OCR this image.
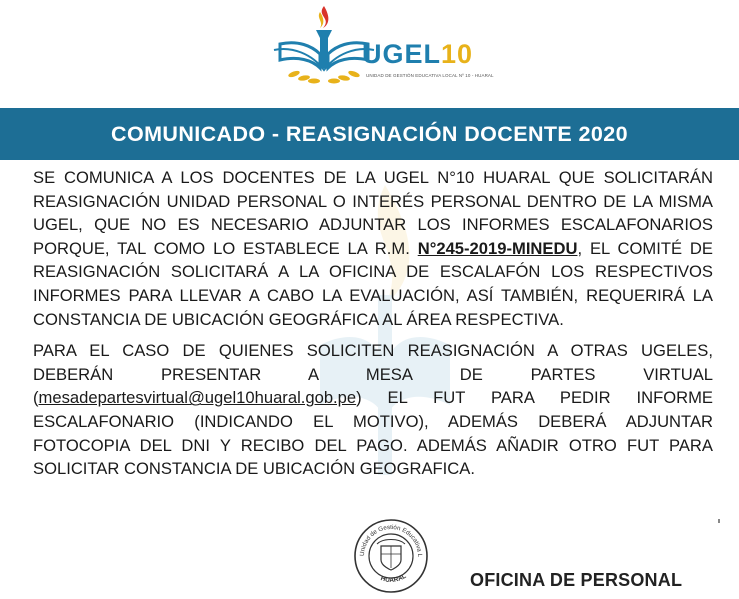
UGEL10
UNIDAD DE GESTIÓN EDUCATIVA LOCAL Nº 10 - HUARAL
COMUNICADO - REASIGNACIÓN DOCENTE 2020

SE COMUNICA A LOS DOCENTES DE LA UGEL N°10 HUARAL QUE SOLICITARÁN REASIGNACIÓN UNIDAD PERSONAL O INTERÉS PERSONAL DENTRO DE LA MISMA UGEL, QUE NO ES NECESARIO ADJUNTAR LOS INFORMES ESCALAFONARIOS PORQUE, TAL COMO LO ESTABLECE LA R.M. N°245-2019-MINEDU, EL COMITÉ DE REASIGNACIÓN SOLICITARÁ A LA OFICINA DE ESCALAFÓN LOS RESPECTIVOS INFORMES PARA LLEVAR A CABO LA EVALUACIÓN, ASÍ TAMBIÉN, REQUERIRÁ LA CONSTANCIA DE UBICACIÓN GEOGRÁFICA AL ÁREA RESPECTIVA.

PARA EL CASO DE QUIENES SOLICITEN REASIGNACIÓN A OTRAS UGELES, DEBERÁN PRESENTAR A MESA DE PARTES VIRTUAL (mesadepartesvirtual@ugel10huaral.gob.pe) EL FUT PARA PEDIR INFORME ESCALAFONARIO (INDICANDO EL MOTIVO), ADEMÁS DEBERÁ ADJUNTAR FOTOCOPIA DEL DNI Y RECIBO DEL PAGO. ADEMÁS AÑADIR OTRO FUT PARA SOLICITAR CONSTANCIA DE UBICACIÓN GEOGRAFICA.

Unidad de Gestión Educativa L
HUARAL	OFICINA DE PERSONAL
